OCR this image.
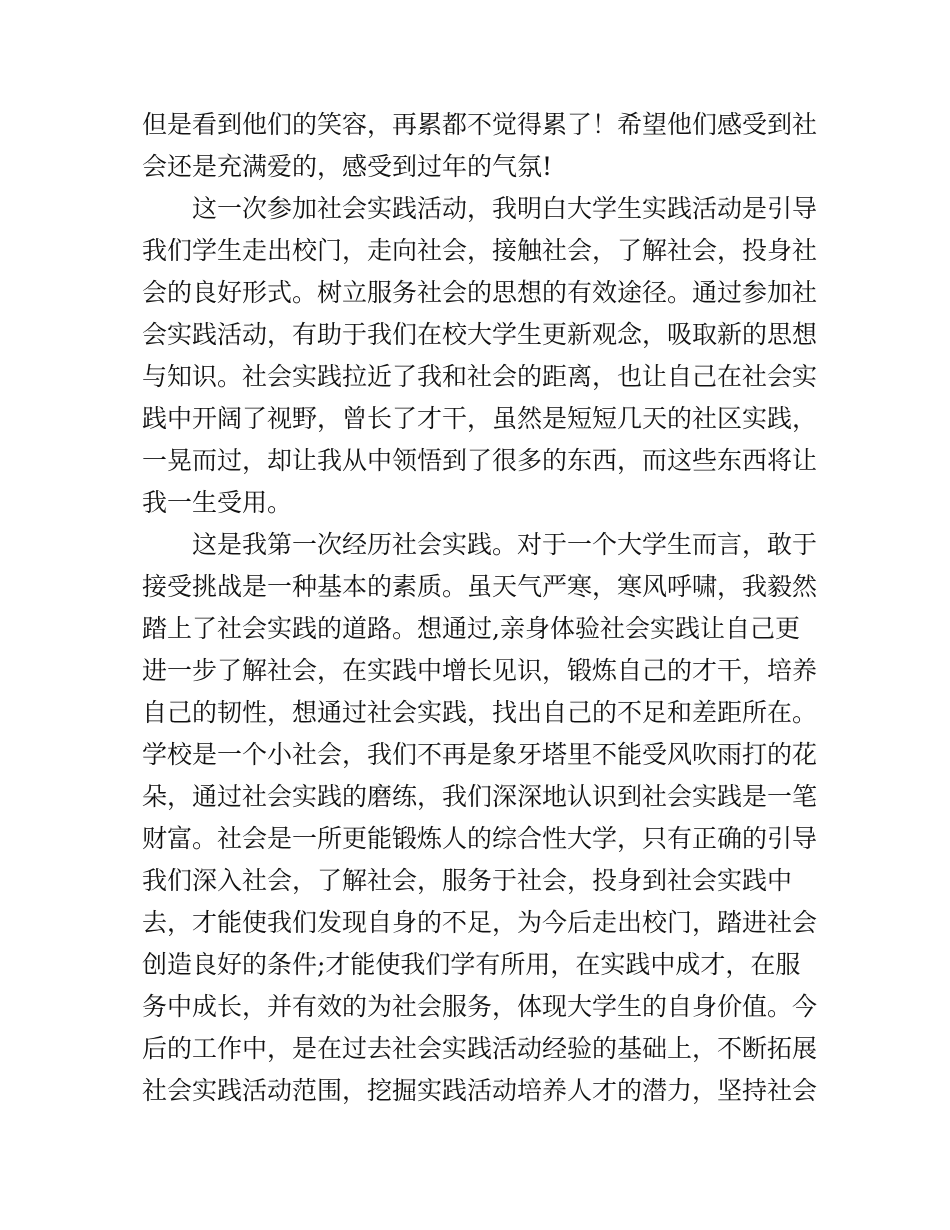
但是看到他们的笑容，再累都不觉得累了！希望他们感受到社
会还是充满爱的，感受到过年的气氛!
这一次参加社会实践活动，我明白大学生实践活动是引导
我们学生走出校门，走向社会，接触社会，了解社会，投身社
会的良好形式。树立服务社会的思想的有效途径。通过参加社
会实践活动，有助于我们在校大学生更新观念，吸取新的思想
与知识。社会实践拉近了我和社会的距离，也让自己在社会实
践中开阔了视野，曾长了才干，虽然是短短几天的社区实践，
一晃而过，却让我从中领悟到了很多的东西，而这些东西将让
我一生受用。
这是我第一次经历社会实践。对于一个大学生而言，敢于
接受挑战是一种基本的素质。虽天气严寒，寒风呼啸，我毅然
踏上了社会实践的道路。想通过,亲身体验社会实践让自己更
进一步了解社会，在实践中增长见识，锻炼自己的才干，培养
自己的韧性，想通过社会实践，找出自己的不足和差距所在。
学校是一个小社会，我们不再是象牙塔里不能受风吹雨打的花
朵，通过社会实践的磨练，我们深深地认识到社会实践是一笔
财富。社会是一所更能锻炼人的综合性大学，只有正确的引导
我们深入社会，了解社会，服务于社会，投身到社会实践中
去，才能使我们发现自身的不足，为今后走出校门，踏进社会
创造良好的条件;才能使我们学有所用，在实践中成才，在服
务中成长，并有效的为社会服务，体现大学生的自身价值。今
后的工作中，是在过去社会实践活动经验的基础上，不断拓展
社会实践活动范围，挖掘实践活动培养人才的潜力，坚持社会
